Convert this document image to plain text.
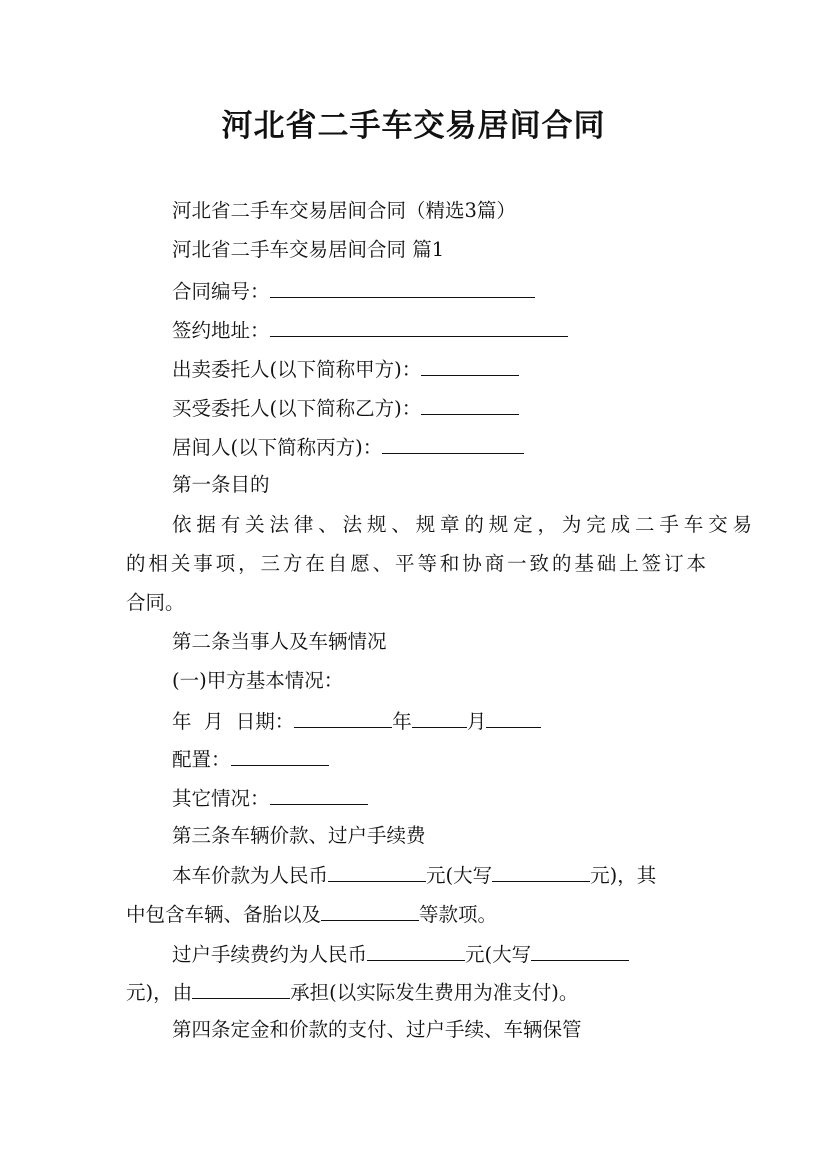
河北省二手车交易居间合同
河北省二手车交易居间合同（精选3篇）
河北省二手车交易居间合同 篇1
合同编号：
签约地址：
出卖委托人(以下简称甲方)：
买受委托人(以下简称乙方)：
居间人(以下简称丙方)：
第一条目的
依据有关法律、法规、规章的规定，为完成二手车交易
的相关事项，三方在自愿、平等和协商一致的基础上签订本
合同。
第二条当事人及车辆情况
(一)甲方基本情况：
年  月  日期：	年	月
配置：
其它情况：
第三条车辆价款、过户手续费
本车价款为人民币	元(大写	元)，其
中包含车辆、备胎以及	等款项。
过户手续费约为人民币	元(大写
元)，由	承担(以实际发生费用为准支付)。
第四条定金和价款的支付、过户手续、车辆保管
